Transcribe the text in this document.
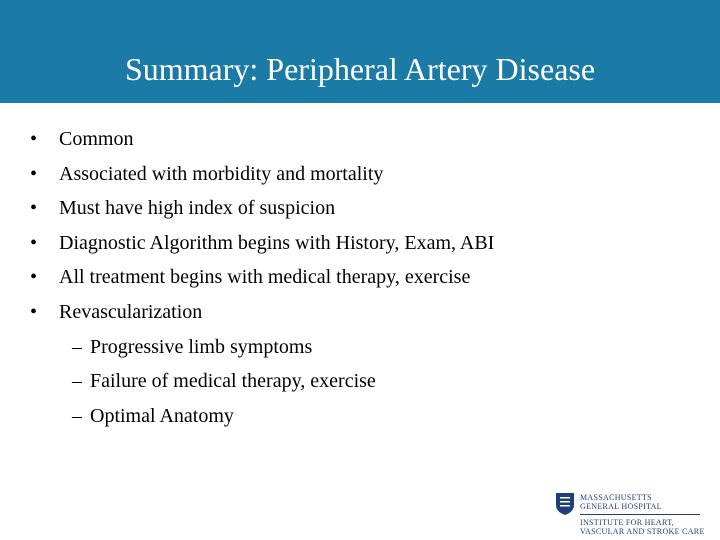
Summary: Peripheral Artery Disease
• Common
• Associated with morbidity and mortality
• Must have high index of suspicion
• Diagnostic Algorithm begins with History, Exam, ABI
• All treatment begins with medical therapy, exercise
• Revascularization
– Progressive limb symptoms
– Failure of medical therapy, exercise
– Optimal Anatomy
MASSACHUSETTS
GENERAL HOSPITAL
INSTITUTE FOR HEART,
VASCULAR AND STROKE CARE
